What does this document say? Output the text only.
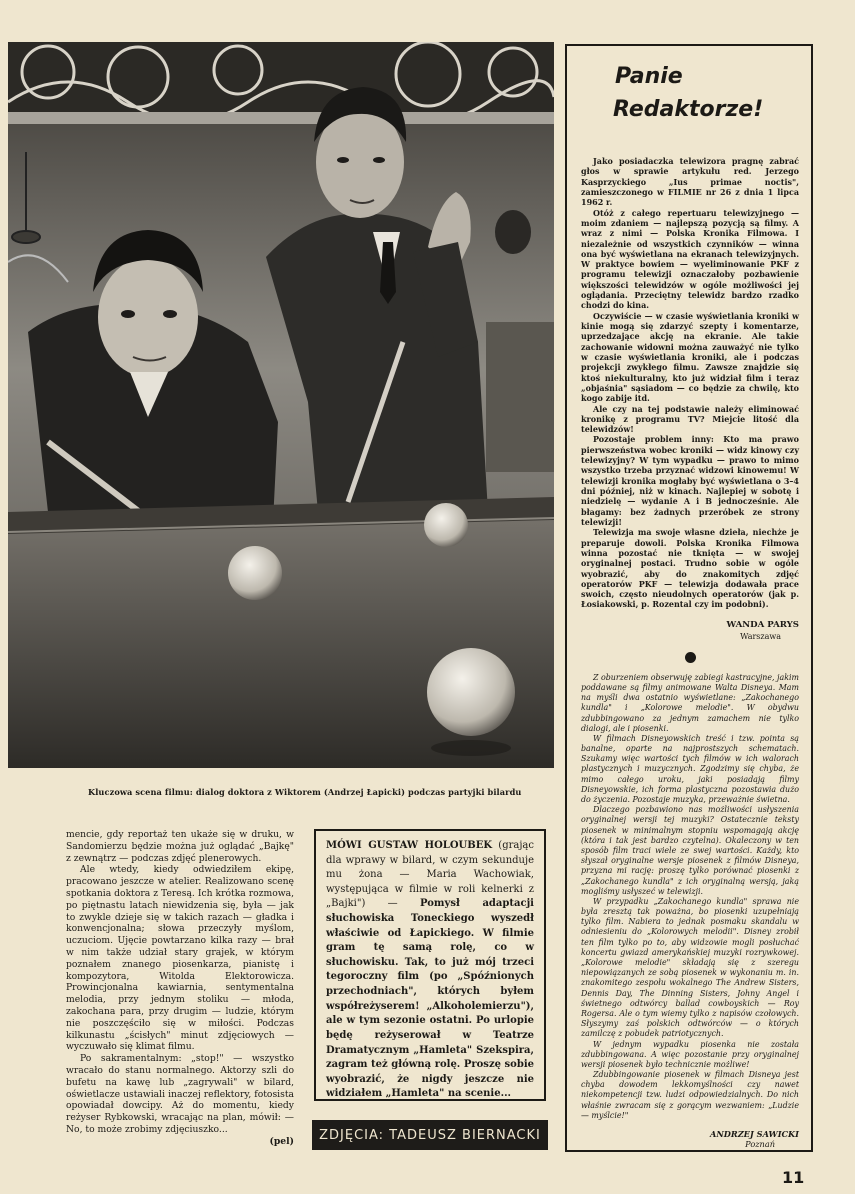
Kluczowa scena filmu: dialog doktora z Wiktorem (Andrzej Łapicki) podczas partyjki bilardu

mencie, gdy reportaż ten ukaże się w druku, w Sandomierzu będzie można już oglądać „Bajkę" z zewnątrz — podczas zdjęć plenerowych.

Ale wtedy, kiedy odwiedziłem ekipę, pracowano jeszcze w atelier. Realizowano scenę spotkania doktora z Teresą. Ich krótka rozmowa, po piętnastu latach niewidzenia się, była — jak to zwykle dzieje się w takich razach — gładka i konwencjonalna; słowa przeczyły myślom, uczuciom. Ujęcie powtarzano kilka razy — brał w nim także udział stary grajek, w którym poznałem znanego piosenkarza, pianistę i kompozytora, Witolda Elektorowicza. Prowincjonalna kawiarnia, sentymentalna melodia, przy jednym stoliku — młoda, zakochana para, przy drugim — ludzie, którym nie poszczęściło się w miłości. Podczas kilkunastu „ścisłych" minut zdjęciowych — wyczuwało się klimat filmu.

Po sakramentalnym: „stop!" — wszystko wracało do stanu normalnego. Aktorzy szli do bufetu na kawę lub „zagrywali" w bilard, oświetlacze ustawiali inaczej reflektory, fotosista opowiadał dowcipy. Aż do momentu, kiedy reżyser Rybkowski, wracając na plan, mówił: — No, to może zrobimy zdjęciuszko...

(pel)
MÓWI GUSTAW HOLOUBEK (grając dla wprawy w bilard, w czym sekunduje mu żona — Maria Wachowiak, występująca w filmie w roli kelnerki z „Bajki") — Pomysł adaptacji słuchowiska Toneckiego wyszedł właściwie od Łapickiego. W filmie gram tę samą rolę, co w słuchowisku. Tak, to już mój trzeci tegoroczny film (po „Spóźnionych przechodniach", których byłem współreżyserem! „Alkoholemierzu"), ale w tym sezonie ostatni. Po urlopie będę reżyserował w Teatrze Dramatycznym „Hamleta" Szekspira, zagram też główną rolę. Proszę sobie wyobrazić, że nigdy jeszcze nie widziałem „Hamleta" na scenie...
ZDJĘCIA: TADEUSZ BIERNACKI
Panie
Redaktorze!

Jako posiadaczka telewizora pragnę zabrać głos w sprawie artykułu red. Jerzego Kasprzyckiego „Ius primae noctis", zamieszczonego w FILMIE nr 26 z dnia 1 lipca 1962 r.

Otóż z całego repertuaru telewizyjnego — moim zdaniem — najlepszą pozycją są filmy. A wraz z nimi — Polska Kronika Filmowa. I niezależnie od wszystkich czynników — winna ona być wyświetlana na ekranach telewizyjnych. W praktyce bowiem — wyeliminowanie PKF z programu telewizji oznaczałoby pozbawienie większości telewidzów w ogóle możliwości jej oglądania. Przeciętny telewidz bardzo rzadko chodzi do kina.

Oczywiście — w czasie wyświetlania kroniki w kinie mogą się zdarzyć szepty i komentarze, uprzedzające akcję na ekranie. Ale takie zachowanie widowni można zauważyć nie tylko w czasie wyświetlania kroniki, ale i podczas projekcji zwykłego filmu. Zawsze znajdzie się ktoś niekulturalny, kto już widział film i teraz „objaśnia" sąsiadom — co będzie za chwilę, kto kogo zabije itd.

Ale czy na tej podstawie należy eliminować kronikę z programu TV? Miejcie litość dla telewidzów!

Pozostaje problem inny: Kto ma prawo pierwszeństwa wobec kroniki — widz kinowy czy telewizyjny? W tym wypadku — prawo to mimo wszystko trzeba przyznać widzowi kinowemu! W telewizji kronika mogłaby być wyświetlana o 3–4 dni później, niż w kinach. Najlepiej w sobotę i niedzielę — wydanie A i B jednocześnie. Ale błagamy: bez żadnych przeróbek ze strony telewizji!

Telewizja ma swoje własne dzieła, niechże je preparuje dowoli. Polska Kronika Filmowa winna pozostać nie tknięta — w swojej oryginalnej postaci. Trudno sobie w ogóle wyobrazić, aby do znakomitych zdjęć operatorów PKF — telewizja dodawała prace swoich, często nieudolnych operatorów (jak p. Łosiakowski, p. Rozental czy im podobni).

WANDA PARYS
Warszawa

Z oburzeniem obserwuję zabiegi kastracyjne, jakim poddawane są filmy animowane Walta Disneya. Mam na myśli dwa ostatnio wyświetlane: „Zakochanego kundla" i „Kolorowe melodie". W obydwu zdubbingowano za jednym zamachem nie tylko dialogi, ale i piosenki.

W filmach Disneyowskich treść i tzw. pointa są banalne, oparte na najprostszych schematach. Szukamy więc wartości tych filmów w ich walorach plastycznych i muzycznych. Zgodzimy się chyba, że mimo całego uroku, jaki posiadają filmy Disneyowskie, ich forma plastyczna pozostawia dużo do życzenia. Pozostaje muzyka, przeważnie świetna.

Dlaczego pozbawiono nas możliwości usłyszenia oryginalnej wersji tej muzyki? Ostatecznie teksty piosenek w minimalnym stopniu wspomagają akcję (która i tak jest bardzo czytelna). Okaleczony w ten sposób film traci wiele ze swej wartości. Każdy, kto słyszał oryginalne wersje piosenek z filmów Disneya, przyzna mi rację: proszę tylko porównać piosenki z „Zakochanego kundla" z ich oryginalną wersją, jaką mogliśmy usłyszeć w telewizji.

W przypadku „Zakochanego kundla" sprawa nie była zresztą tak poważna, bo piosenki uzupełniają tylko film. Nabiera to jednak posmaku skandalu w odniesieniu do „Kolorowych melodii". Disney zrobił ten film tylko po to, aby widzowie mogli posłuchać koncertu gwiazd amerykańskiej muzyki rozrywkowej. „Kolorowe melodie" składają się z szeregu niepowiązanych ze sobą piosenek w wykonaniu m. in. znakomitego zespołu wokalnego The Andrew Sisters, Dennis Day, The Dinning Sisters, Johny Angel i świetnego odtwórcy ballad cowboyskich — Roy Rogersa. Ale o tym wiemy tylko z napisów czołowych. Słyszymy zaś polskich odtwórców — o których zamilczę z pobudek patriotycznych.

W jednym wypadku piosenka nie została zdubbingowana. A więc pozostanie przy oryginalnej wersji piosenek było technicznie możliwe!

Zdubbingowanie piosenek w filmach Disneya jest chyba dowodem lekkomyślności czy nawet niekompetencji tzw. ludzi odpowiedzialnych. Do nich właśnie zwracam się z gorącym wezwaniem: „Ludzie — myślcie!"

ANDRZEJ SAWICKI
Poznań
11
